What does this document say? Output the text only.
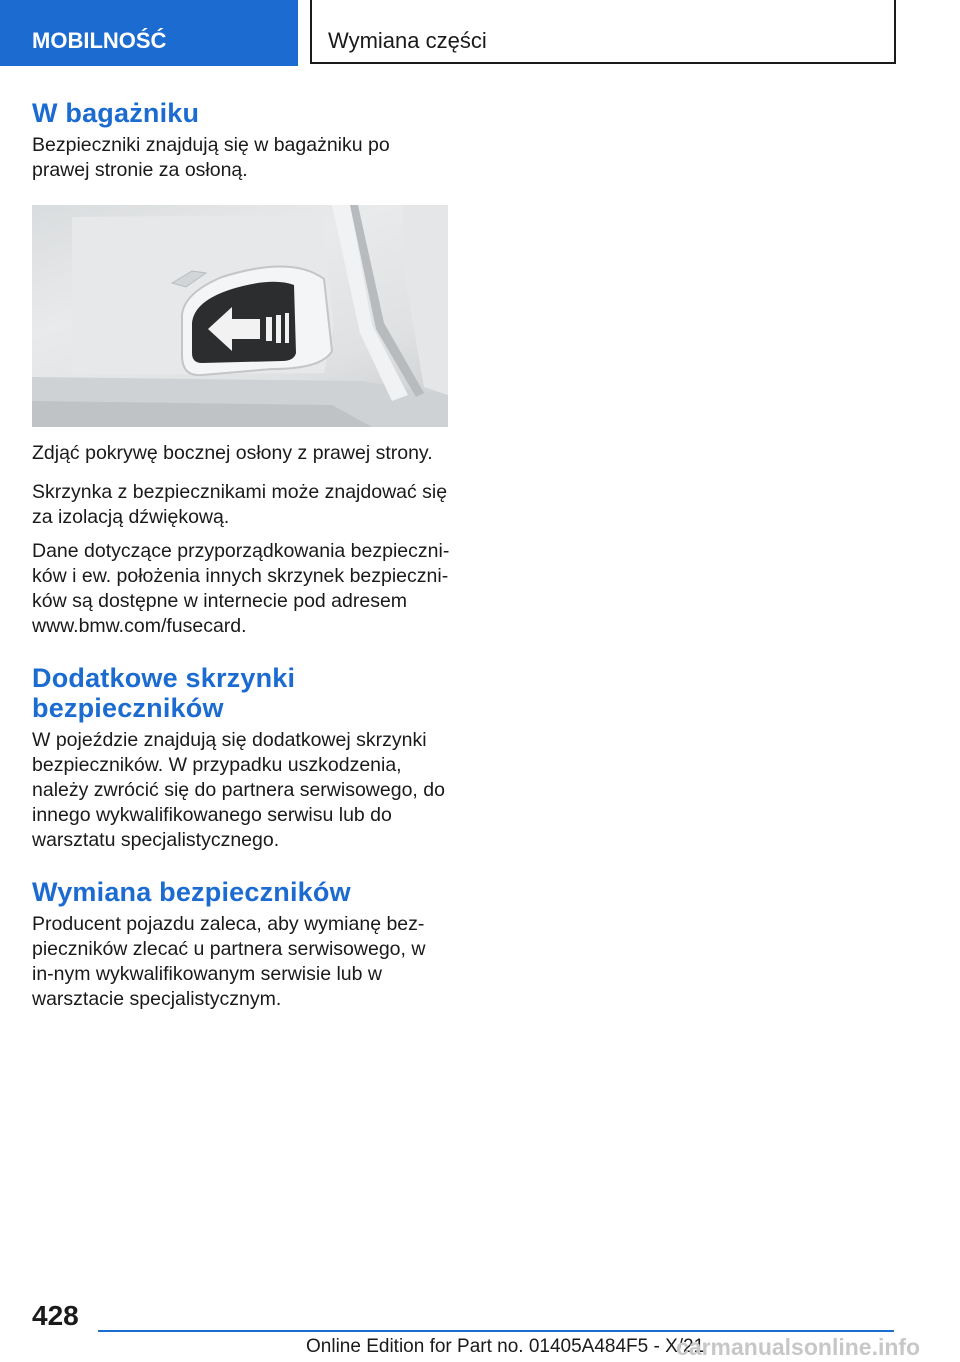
MOBILNOŚĆ	Wymiana części
W bagażniku

Bezpieczniki znajdują się w bagażniku po prawej stronie za osłoną.

Zdjąć pokrywę bocznej osłony z prawej strony.

Skrzynka z bezpiecznikami może znajdować się za izolacją dźwiękową.

Dane dotyczące przyporządkowania bezpieczni-ków i ew. położenia innych skrzynek bezpieczni-ków są dostępne w internecie pod adresem www.bmw.com/fusecard.

Dodatkowe skrzynki
bezpieczników

W pojeździe znajdują się dodatkowej skrzynki bezpieczników. W przypadku uszkodzenia, należy zwrócić się do partnera serwisowego, do innego wykwalifikowanego serwisu lub do warsztatu specjalistycznego.

Wymiana bezpieczników

Producent pojazdu zaleca, aby wymianę bez-pieczników zlecać u partnera serwisowego, w in-nym wykwalifikowanym serwisie lub w warsztacie specjalistycznym.

428
Online Edition for Part no. 01405A484F5 - X/21
carmanualsonline.info
